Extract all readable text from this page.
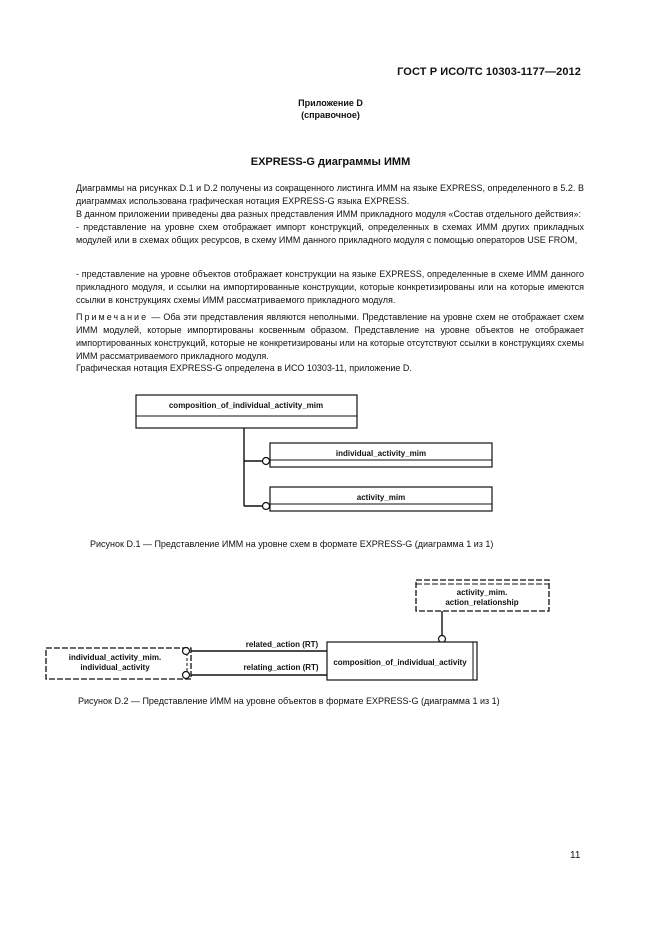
ГОСТ Р ИСО/ТС 10303-1177—2012
Приложение D
(справочное)
EXPRESS-G диаграммы ИММ

Диаграммы на рисунках D.1 и D.2 получены из сокращенного листинга ИММ на языке EXPRESS, определенного в 5.2. В диаграммах использована графическая нотация EXPRESS-G языка EXPRESS.

В данном приложении приведены два разных представления ИММ прикладного модуля «Состав отдельного действия»:

- представление на уровне схем отображает импорт конструкций, определенных в схемах ИММ других прикладных модулей или в схемах общих ресурсов, в схему ИММ данного прикладного модуля с помощью операторов USE FROM,

- представление на уровне объектов отображает конструкции на языке EXPRESS, определенные в схеме ИММ данного прикладного модуля, и ссылки на импортированные конструкции, которые конкретизированы или на которые имеются ссылки в конструкциях схемы ИММ рассматриваемого прикладного модуля.

Примечание — Оба эти представления являются неполными. Представление на уровне схем не отображает схем ИММ модулей, которые импортированы косвенным образом. Представление на уровне объектов не отображает импортированных конструкций, которые не конкретизированы или на которые отсутствуют ссылки в конструкциях схемы ИММ рассматриваемого прикладного модуля.

Графическая нотация EXPRESS-G определена в ИСО 10303-11, приложение D.

composition_of_individual_activity_mim
individual_activity_mim
activity_mim
activity_mim.
action_relationship
composition_of_individual_activity
individual_activity_mim.
individual_activity
related_action (RT)
relating_action (RT)
Рисунок D.1 — Представление ИММ на уровне схем в формате EXPRESS-G (диаграмма 1 из 1)
Рисунок D.2 — Представление ИММ на уровне объектов в формате EXPRESS-G (диаграмма 1 из 1)
11
